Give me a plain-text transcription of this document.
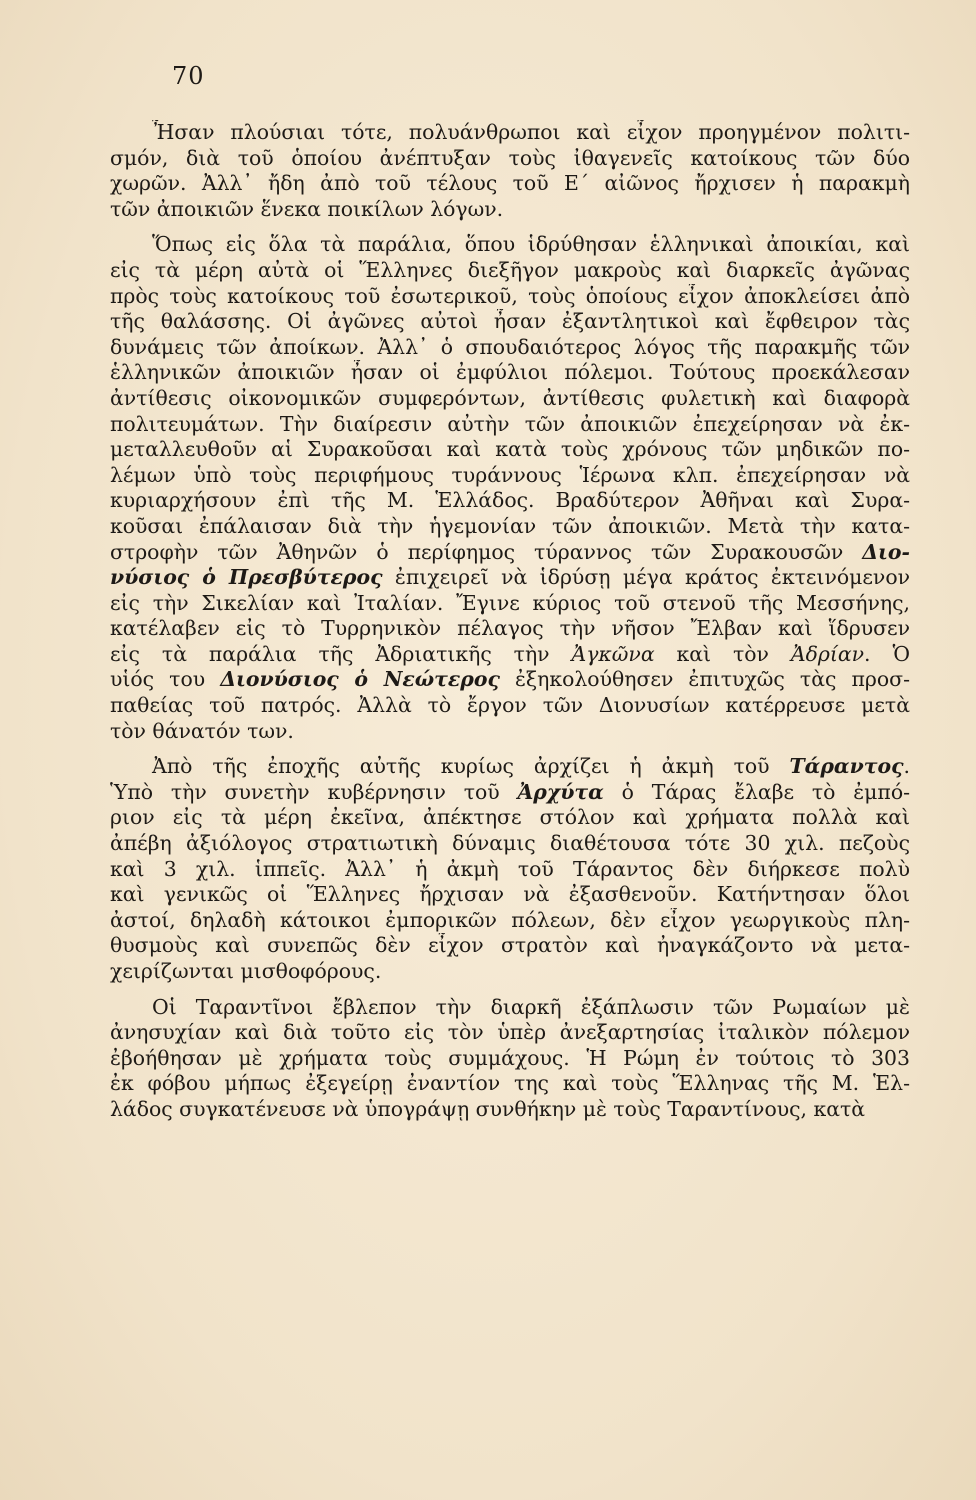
70
Ἦσαν πλούσιαι τότε, πολυάνθρωποι καὶ εἶχον προηγμένον πολιτι-
σμόν, διὰ τοῦ ὁποίου ἀνέπτυξαν τοὺς ἰθαγενεῖς κατοίκους τῶν δύο
χωρῶν. Ἀλλ᾽ ἤδη ἀπὸ τοῦ τέλους τοῦ Ε΄ αἰῶνος ἤρχισεν ἡ παρακμὴ
τῶν ἀποικιῶν ἕνεκα ποικίλων λόγων.
Ὅπως εἰς ὅλα τὰ παράλια, ὅπου ἱδρύθησαν ἑλληνικαὶ ἀποικίαι, καὶ
εἰς τὰ μέρη αὐτὰ οἱ Ἕλληνες διεξῆγον μακροὺς καὶ διαρκεῖς ἀγῶνας
πρὸς τοὺς κατοίκους τοῦ ἐσωτερικοῦ, τοὺς ὁποίους εἶχον ἀποκλείσει ἀπὸ
τῆς θαλάσσης. Οἱ ἀγῶνες αὐτοὶ ἦσαν ἐξαντλητικοὶ καὶ ἔφθειρον τὰς
δυνάμεις τῶν ἀποίκων. Ἀλλ᾽ ὁ σπουδαιότερος λόγος τῆς παρακμῆς τῶν
ἑλληνικῶν ἀποικιῶν ἦσαν οἱ ἐμφύλιοι πόλεμοι. Τούτους προεκάλεσαν
ἀντίθεσις οἰκονομικῶν συμφερόντων, ἀντίθεσις φυλετικὴ καὶ διαφορὰ
πολιτευμάτων. Τὴν διαίρεσιν αὐτὴν τῶν ἀποικιῶν ἐπεχείρησαν νὰ ἐκ-
μεταλλευθοῦν αἱ Συρακοῦσαι καὶ κατὰ τοὺς χρόνους τῶν μηδικῶν πο-
λέμων ὑπὸ τοὺς περιφήμους τυράννους Ἱέρωνα κλπ. ἐπεχείρησαν νὰ
κυριαρχήσουν ἐπὶ τῆς Μ. Ἑλλάδος. Βραδύτερον Ἀθῆναι καὶ Συρα-
κοῦσαι ἐπάλαισαν διὰ τὴν ἡγεμονίαν τῶν ἀποικιῶν. Μετὰ τὴν κατα-
στροφὴν τῶν Ἀθηνῶν ὁ περίφημος τύραννος τῶν Συρακουσῶν Διο-
νύσιος ὁ Πρεσβύτερος ἐπιχειρεῖ νὰ ἱδρύσῃ μέγα κράτος ἐκτεινόμενον
εἰς τὴν Σικελίαν καὶ Ἰταλίαν. Ἔγινε κύριος τοῦ στενοῦ τῆς Μεσσήνης,
κατέλαβεν εἰς τὸ Τυρρηνικὸν πέλαγος τὴν νῆσον Ἔλβαν καὶ ἵδρυσεν
εἰς τὰ παράλια τῆς Ἀδριατικῆς τὴν Ἀγκῶνα καὶ τὸν Ἀδρίαν. Ὁ
υἱός του Διονύσιος ὁ Νεώτερος ἐξηκολούθησεν ἐπιτυχῶς τὰς προσ-
παθείας τοῦ πατρός. Ἀλλὰ τὸ ἔργον τῶν Διονυσίων κατέρρευσε μετὰ
τὸν θάνατόν των.
Ἀπὸ τῆς ἐποχῆς αὐτῆς κυρίως ἀρχίζει ἡ ἀκμὴ τοῦ Τάραντος.
Ὑπὸ τὴν συνετὴν κυβέρνησιν τοῦ Ἀρχύτα ὁ Τάρας ἔλαβε τὸ ἐμπό-
ριον εἰς τὰ μέρη ἐκεῖνα, ἀπέκτησε στόλον καὶ χρήματα πολλὰ καὶ
ἀπέβη ἀξιόλογος στρατιωτικὴ δύναμις διαθέτουσα τότε 30 χιλ. πεζοὺς
καὶ 3 χιλ. ἱππεῖς. Ἀλλ᾽ ἡ ἀκμὴ τοῦ Τάραντος δὲν διήρκεσε πολὺ
καὶ γενικῶς οἱ Ἕλληνες ἤρχισαν νὰ ἐξασθενοῦν. Κατήντησαν ὅλοι
ἀστοί, δηλαδὴ κάτοικοι ἐμπορικῶν πόλεων, δὲν εἶχον γεωργικοὺς πλη-
θυσμοὺς καὶ συνεπῶς δὲν εἶχον στρατὸν καὶ ἠναγκάζοντο νὰ μετα-
χειρίζωνται μισθοφόρους.
Οἱ Ταραντῖνοι ἔβλεπον τὴν διαρκῆ ἐξάπλωσιν τῶν Ρωμαίων μὲ
ἀνησυχίαν καὶ διὰ τοῦτο εἰς τὸν ὑπὲρ ἀνεξαρτησίας ἰταλικὸν πόλεμον
ἐβοήθησαν μὲ χρήματα τοὺς συμμάχους. Ἡ Ρώμη ἐν τούτοις τὸ 303
ἐκ φόβου μήπως ἐξεγείρῃ ἐναντίον της καὶ τοὺς Ἕλληνας τῆς Μ. Ἑλ-
λάδος συγκατένευσε νὰ ὑπογράψῃ συνθήκην μὲ τοὺς Ταραντίνους, κατὰ
